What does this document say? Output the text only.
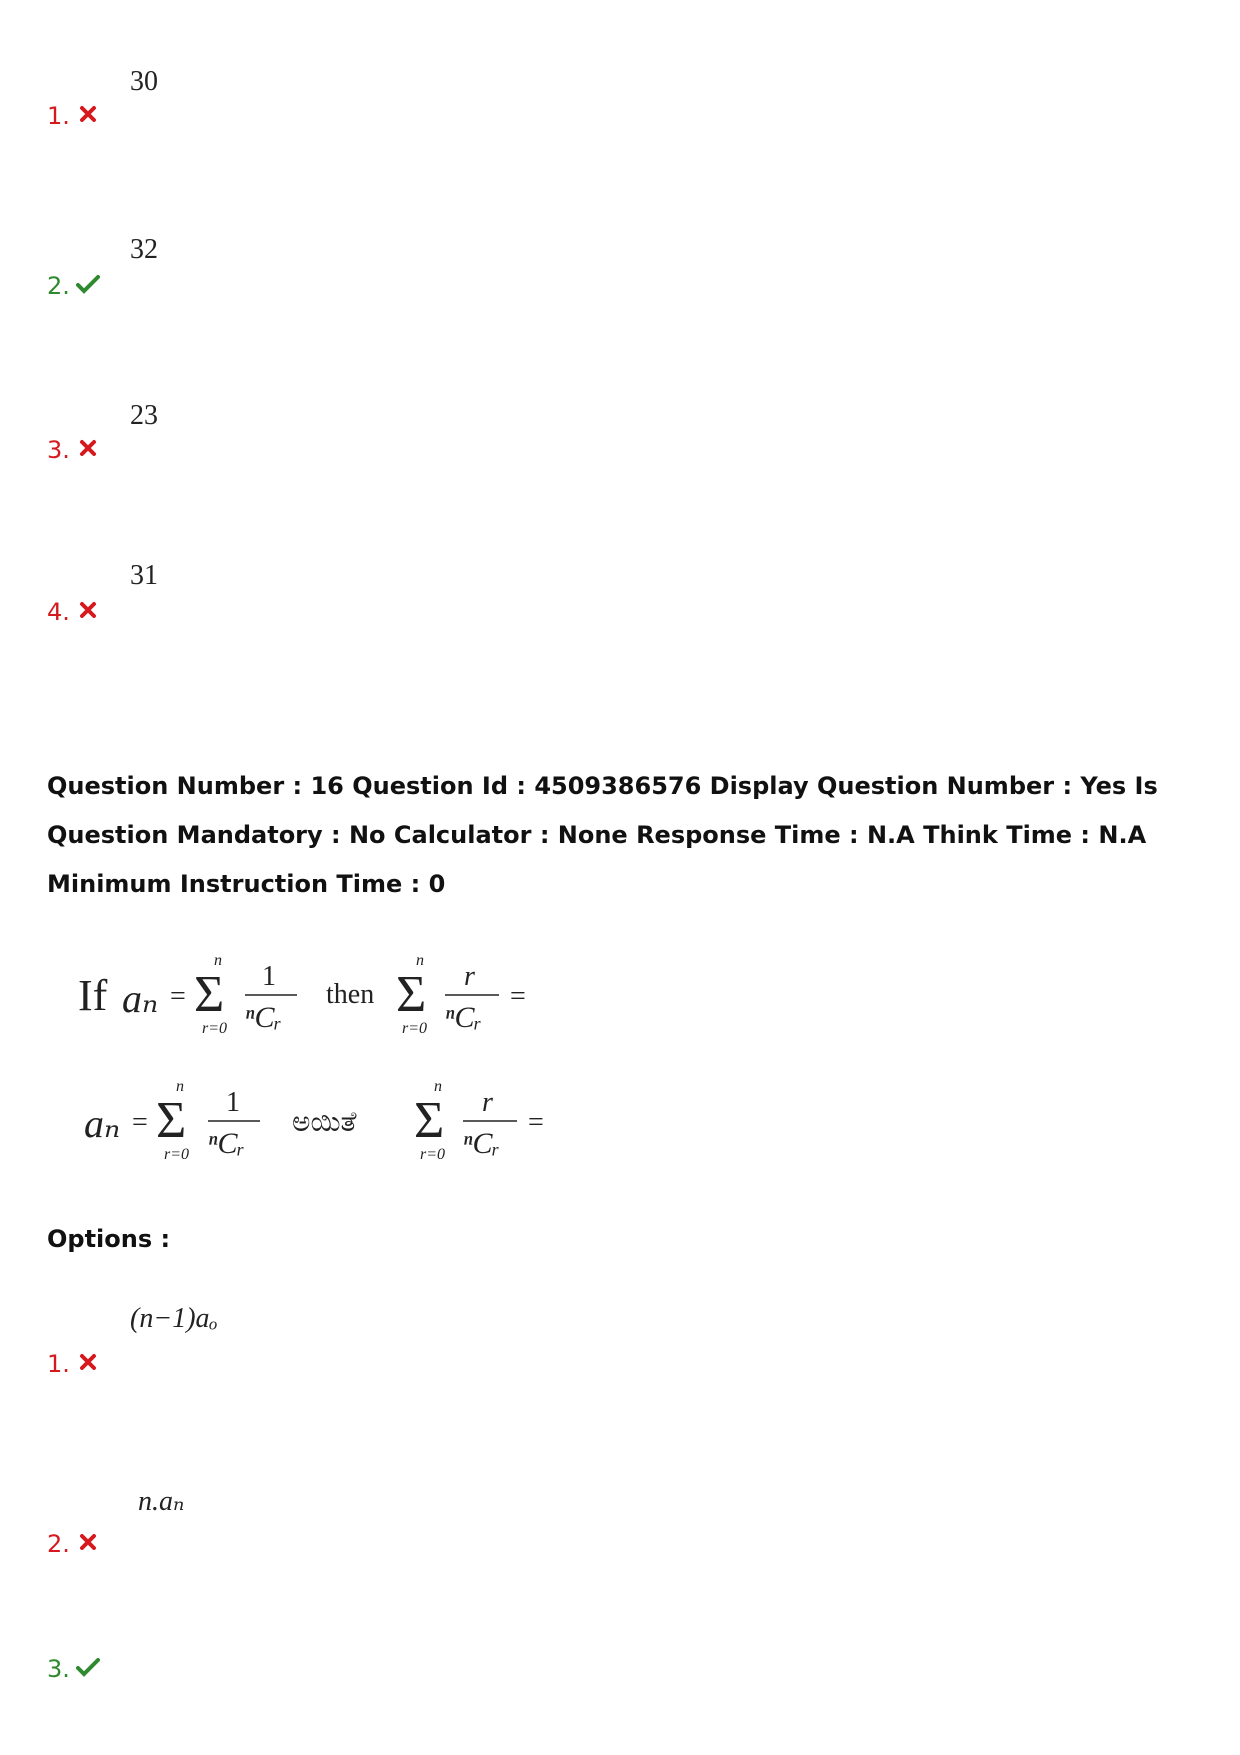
30
1.
32
2.
23
3.
31
4.
Question Number : 16 Question Id : 4509386576 Display Question Number : Yes Is Question Mandatory : No Calculator : None Response Time : N.A Think Time : N.A Minimum Instruction Time : 0
If aₙ = Σ
n
r=0
1
ⁿCᵣ
then Σ
n
r=0
r
ⁿCᵣ
=
aₙ = Σ
n
r=0
1
ⁿCᵣ
ಅಯಿತೆ Σ
n
r=0
r
ⁿCᵣ
=
Options :
(n−1)aₒ
1.
n.aₙ
2.
3.
